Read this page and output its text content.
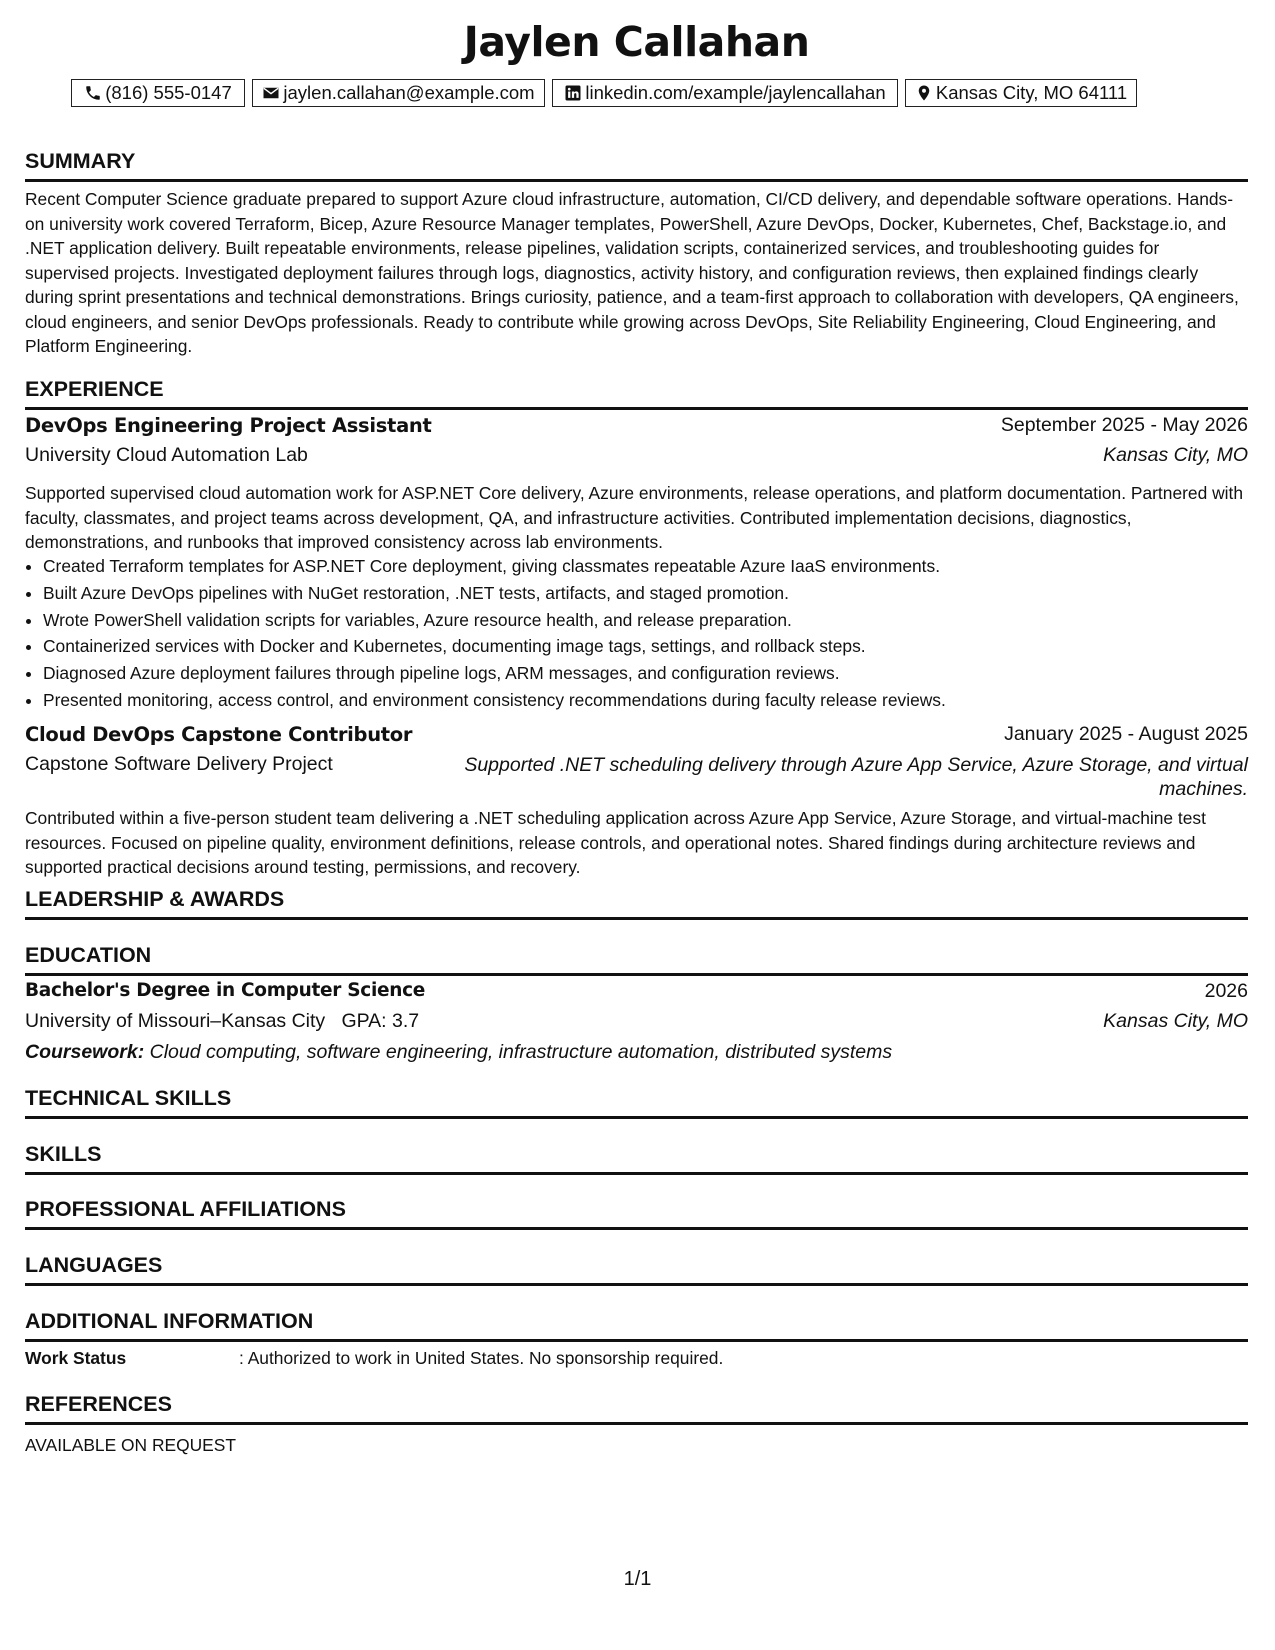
Jaylen Callahan
(816) 555-0147	jaylen.callahan@example.com	linkedin.com/example/jaylencallahan	Kansas City, MO 64111
SUMMARY

Recent Computer Science graduate prepared to support Azure cloud infrastructure, automation, CI/CD delivery, and dependable software operations. Hands-on university work covered Terraform, Bicep, Azure Resource Manager templates, PowerShell, Azure DevOps, Docker, Kubernetes, Chef, Backstage.io, and .NET application delivery. Built repeatable environments, release pipelines, validation scripts, containerized services, and troubleshooting guides for supervised projects. Investigated deployment failures through logs, diagnostics, activity history, and configuration reviews, then explained findings clearly during sprint presentations and technical demonstrations. Brings curiosity, patience, and a team-first approach to collaboration with developers, QA engineers, cloud engineers, and senior DevOps professionals. Ready to contribute while growing across DevOps, Site Reliability Engineering, Cloud Engineering, and Platform Engineering.

EXPERIENCE
DevOps Engineering Project Assistant	September 2025 - May 2026
University Cloud Automation Lab	Kansas City, MO

Supported supervised cloud automation work for ASP.NET Core delivery, Azure environments, release operations, and platform documentation. Partnered with faculty, classmates, and project teams across development, QA, and infrastructure activities. Contributed implementation decisions, diagnostics, demonstrations, and runbooks that improved consistency across lab environments.

• Created Terraform templates for ASP.NET Core deployment, giving classmates repeatable Azure IaaS environments.
• Built Azure DevOps pipelines with NuGet restoration, .NET tests, artifacts, and staged promotion.
• Wrote PowerShell validation scripts for variables, Azure resource health, and release preparation.
• Containerized services with Docker and Kubernetes, documenting image tags, settings, and rollback steps.
• Diagnosed Azure deployment failures through pipeline logs, ARM messages, and configuration reviews.
• Presented monitoring, access control, and environment consistency recommendations during faculty release reviews.
Cloud DevOps Capstone Contributor	January 2025 - August 2025
Capstone Software Delivery Project	Supported .NET scheduling delivery through Azure App Service, Azure Storage, and virtual machines.

Contributed within a five-person student team delivering a .NET scheduling application across Azure App Service, Azure Storage, and virtual-machine test resources. Focused on pipeline quality, environment definitions, release controls, and operational notes. Shared findings during architecture reviews and supported practical decisions around testing, permissions, and recovery.

LEADERSHIP & AWARDS
EDUCATION
Bachelor's Degree in Computer Science	2026
University of Missouri–Kansas City GPA: 3.7	Kansas City, MO
Coursework: Cloud computing, software engineering, infrastructure automation, distributed systems
TECHNICAL SKILLS
SKILLS
PROFESSIONAL AFFILIATIONS
LANGUAGES
ADDITIONAL INFORMATION
Work Status	: Authorized to work in United States. No sponsorship required.
REFERENCES

AVAILABLE ON REQUEST

1/1
